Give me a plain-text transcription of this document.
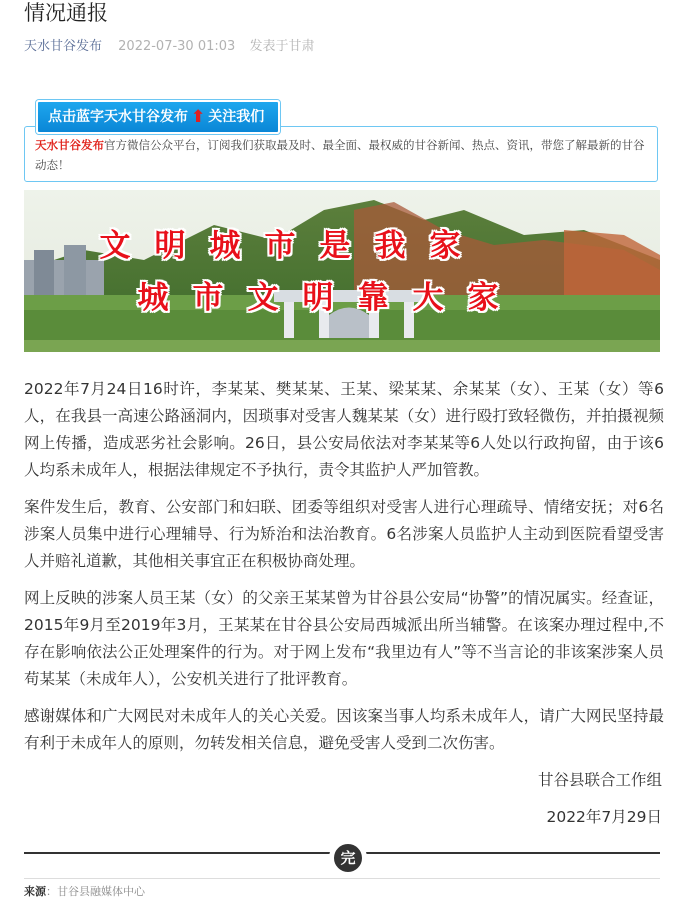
情况通报
天水甘谷发布 2022-07-30 01:03 发表于甘肃
天水甘谷发布官方微信公众平台，订阅我们获取最及时、最全面、最权威的甘谷新闻、热点、资讯，带您了解最新的甘谷动态！
点击蓝字天水甘谷发布 ⬆ 关注我们
文明城市是我家
城市文明靠大家

2022年7月24日16时许，李某某、樊某某、王某、梁某某、余某某（女）、王某（女）等6人，在我县一高速公路涵洞内，因琐事对受害人魏某某（女）进行殴打致轻微伤，并拍摄视频网上传播，造成恶劣社会影响。26日，县公安局依法对李某某等6人处以行政拘留，由于该6人均系未成年人，根据法律规定不予执行，责令其监护人严加管教。

案件发生后，教育、公安部门和妇联、团委等组织对受害人进行心理疏导、情绪安抚；对6名涉案人员集中进行心理辅导、行为矫治和法治教育。6名涉案人员监护人主动到医院看望受害人并赔礼道歉，其他相关事宜正在积极协商处理。

网上反映的涉案人员王某（女）的父亲王某某曾为甘谷县公安局“协警”的情况属实。经查证，2015年9月至2019年3月，王某某在甘谷县公安局西城派出所当辅警。在该案办理过程中,不存在影响依法公正处理案件的行为。对于网上发布“我里边有人”等不当言论的非该案涉案人员苟某某（未成年人），公安机关进行了批评教育。

感谢媒体和广大网民对未成年人的关心关爱。因该案当事人均系未成年人，请广大网民坚持最有利于未成年人的原则，勿转发相关信息，避免受害人受到二次伤害。

甘谷县联合工作组
2022年7月29日
完
来源：甘谷县融媒体中心
